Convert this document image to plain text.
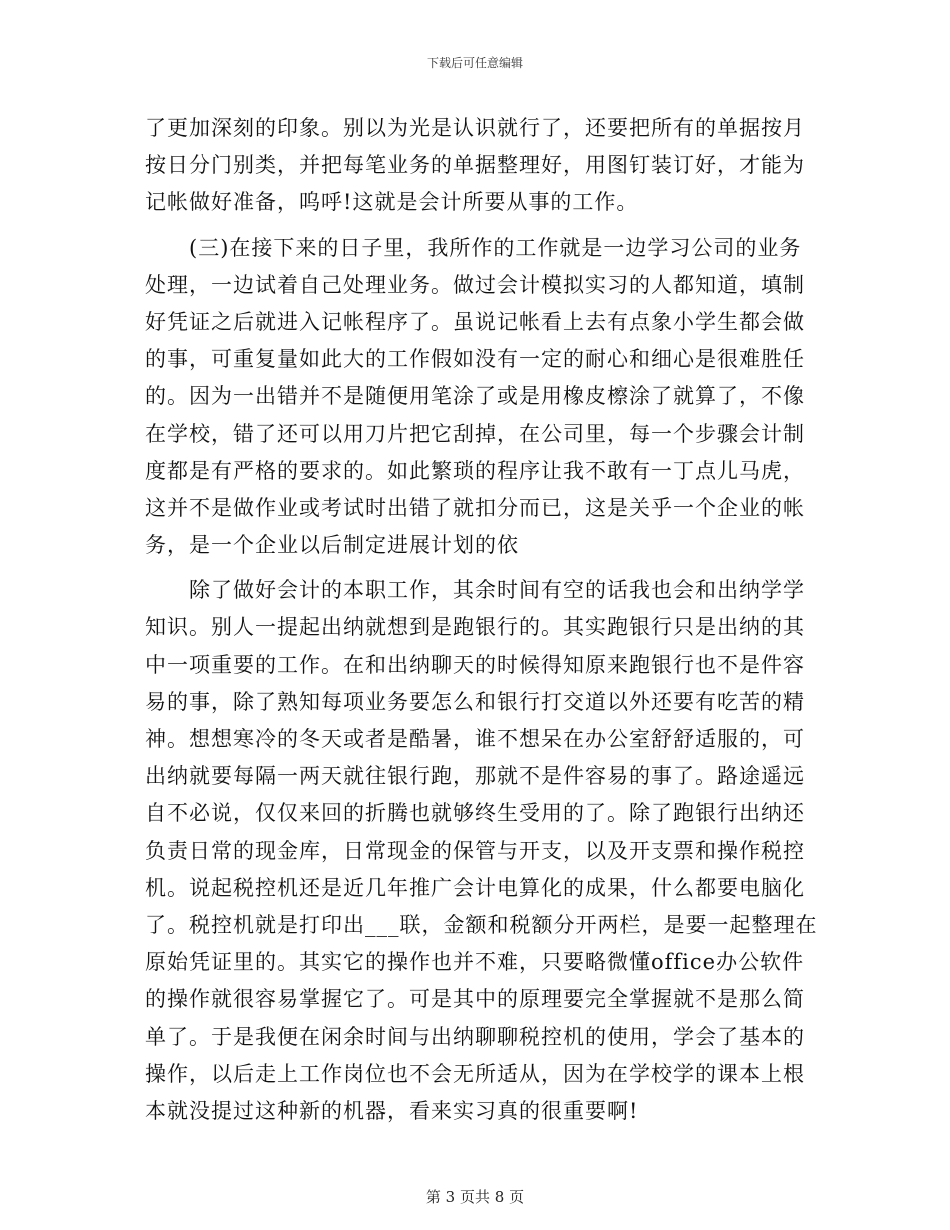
下载后可任意编辑
了更加深刻的印象。别以为光是认识就行了，还要把所有的单据按月
按日分门别类，并把每笔业务的单据整理好，用图钉装订好，才能为
记帐做好准备，呜呼!这就是会计所要从事的工作。
　　(三)在接下来的日子里，我所作的工作就是一边学习公司的业务
处理，一边试着自己处理业务。做过会计模拟实习的人都知道，填制
好凭证之后就进入记帐程序了。虽说记帐看上去有点象小学生都会做
的事，可重复量如此大的工作假如没有一定的耐心和细心是很难胜任
的。因为一出错并不是随便用笔涂了或是用橡皮檫涂了就算了，不像
在学校，错了还可以用刀片把它刮掉，在公司里，每一个步骤会计制
度都是有严格的要求的。如此繁琐的程序让我不敢有一丁点儿马虎，
这并不是做作业或考试时出错了就扣分而已，这是关乎一个企业的帐
务，是一个企业以后制定进展计划的依
　　除了做好会计的本职工作，其余时间有空的话我也会和出纳学学
知识。别人一提起出纳就想到是跑银行的。其实跑银行只是出纳的其
中一项重要的工作。在和出纳聊天的时候得知原来跑银行也不是件容
易的事，除了熟知每项业务要怎么和银行打交道以外还要有吃苦的精
神。想想寒冷的冬天或者是酷暑，谁不想呆在办公室舒舒适服的，可
出纳就要每隔一两天就往银行跑，那就不是件容易的事了。路途遥远
自不必说，仅仅来回的折腾也就够终生受用的了。除了跑银行出纳还
负责日常的现金库，日常现金的保管与开支，以及开支票和操作税控
机。说起税控机还是近几年推广会计电算化的成果，什么都要电脑化
了。税控机就是打印出___联，金额和税额分开两栏，是要一起整理在
原始凭证里的。其实它的操作也并不难，只要略微懂office办公软件
的操作就很容易掌握它了。可是其中的原理要完全掌握就不是那么简
单了。于是我便在闲余时间与出纳聊聊税控机的使用，学会了基本的
操作，以后走上工作岗位也不会无所适从，因为在学校学的课本上根
本就没提过这种新的机器，看来实习真的很重要啊!
第 3 页共 8 页
